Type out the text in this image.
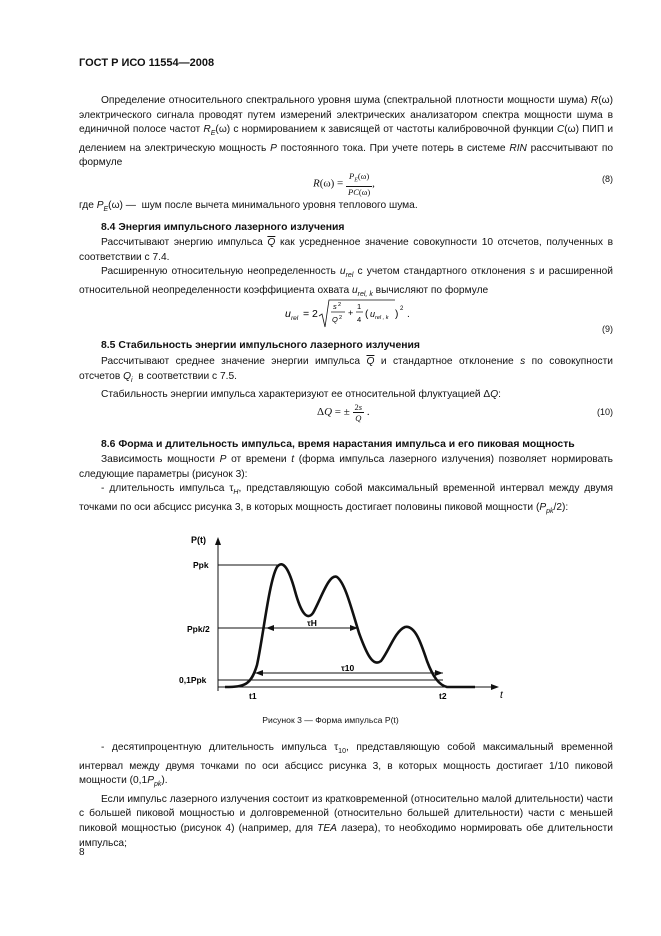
ГОСТ Р ИСО 11554—2008

Определение относительного спектрального уровня шума (спектральной плотности мощности шума) R(ω) электрического сигнала проводят путем измерений электрических анализатором спектра мощности шума в единичной полосе частот $R_E(\omega)$ с нормированием к зависящей от частоты калибровочной функции C(ω) ПИП и делением на электрическую мощность P постоянного тока. При учете потерь в системе RIN рассчитывают по формуле

$R(\omega) = \frac{P_E(\omega)}{PC(\omega)}$ ,	(8)
где $P_E(\omega)$ —  шум после вычета минимального уровня теплового шума.
8.4 Энергия импульсного лазерного излучения

Рассчитывают энергию импульса $\overline{Q}$ как усредненное значение совокупности 10 отсчетов, полученных в соответствии с 7.4.

Расширенную относительную неопределенность $u_{rel}$ с учетом стандартного отклонения s и расширенной относительной неопределенности коэффициента охвата $u_{rel, k}$ вычисляют по формуле

u rel = 2
s 2
Q 2 +
1
4 ( u rel , k ) 2 .
(9)
8.5 Стабильность энергии импульсного лазерного излучения

Рассчитывают среднее значение энергии импульса $\overline{Q}$ и стандартное отклонение s по совокупности отсчетов $Q_i$  в соответствии с 7.5.

Стабильность энергии импульса характеризуют ее относительной флуктуацией ΔQ:

ΔQ = ± $\frac{2s}{Q}$ .	(10)
8.6 Форма и длительность импульса, время нарастания импульса и его пиковая мощность

Зависимость мощности P от времени t (форма импульса лазерного излучения) позволяет нормировать следующие параметры (рисунок 3):

- длительность импульса $\tau_H$, представляющую собой максимальный временной интервал между двумя точками по оси абсцисс рисунка 3, в которых мощность достигает половины пиковой мощности $(P_{pk}/2)$:

P(t)
t
Ppk
Ppk/2
0,1Ppk
t1	t2
τH
τ10
Рисунок 3 — Форма импульса P(t)

- десятипроцентную длительность импульса $\tau_{10}$, представляющую собой максимальный временной интервал между двумя точками по оси абсцисс рисунка 3, в которых мощность достигает 1/10 пиковой мощности $(0,1P_{pk})$.

Если импульс лазерного излучения состоит из кратковременной (относительно малой длительности) части с большей пиковой мощностью и долговременной (относительно большей длительности) части с меньшей пиковой мощностью (рисунок 4) (например, для TEA лазера), то необходимо нормировать обе длительности импульса;

8
